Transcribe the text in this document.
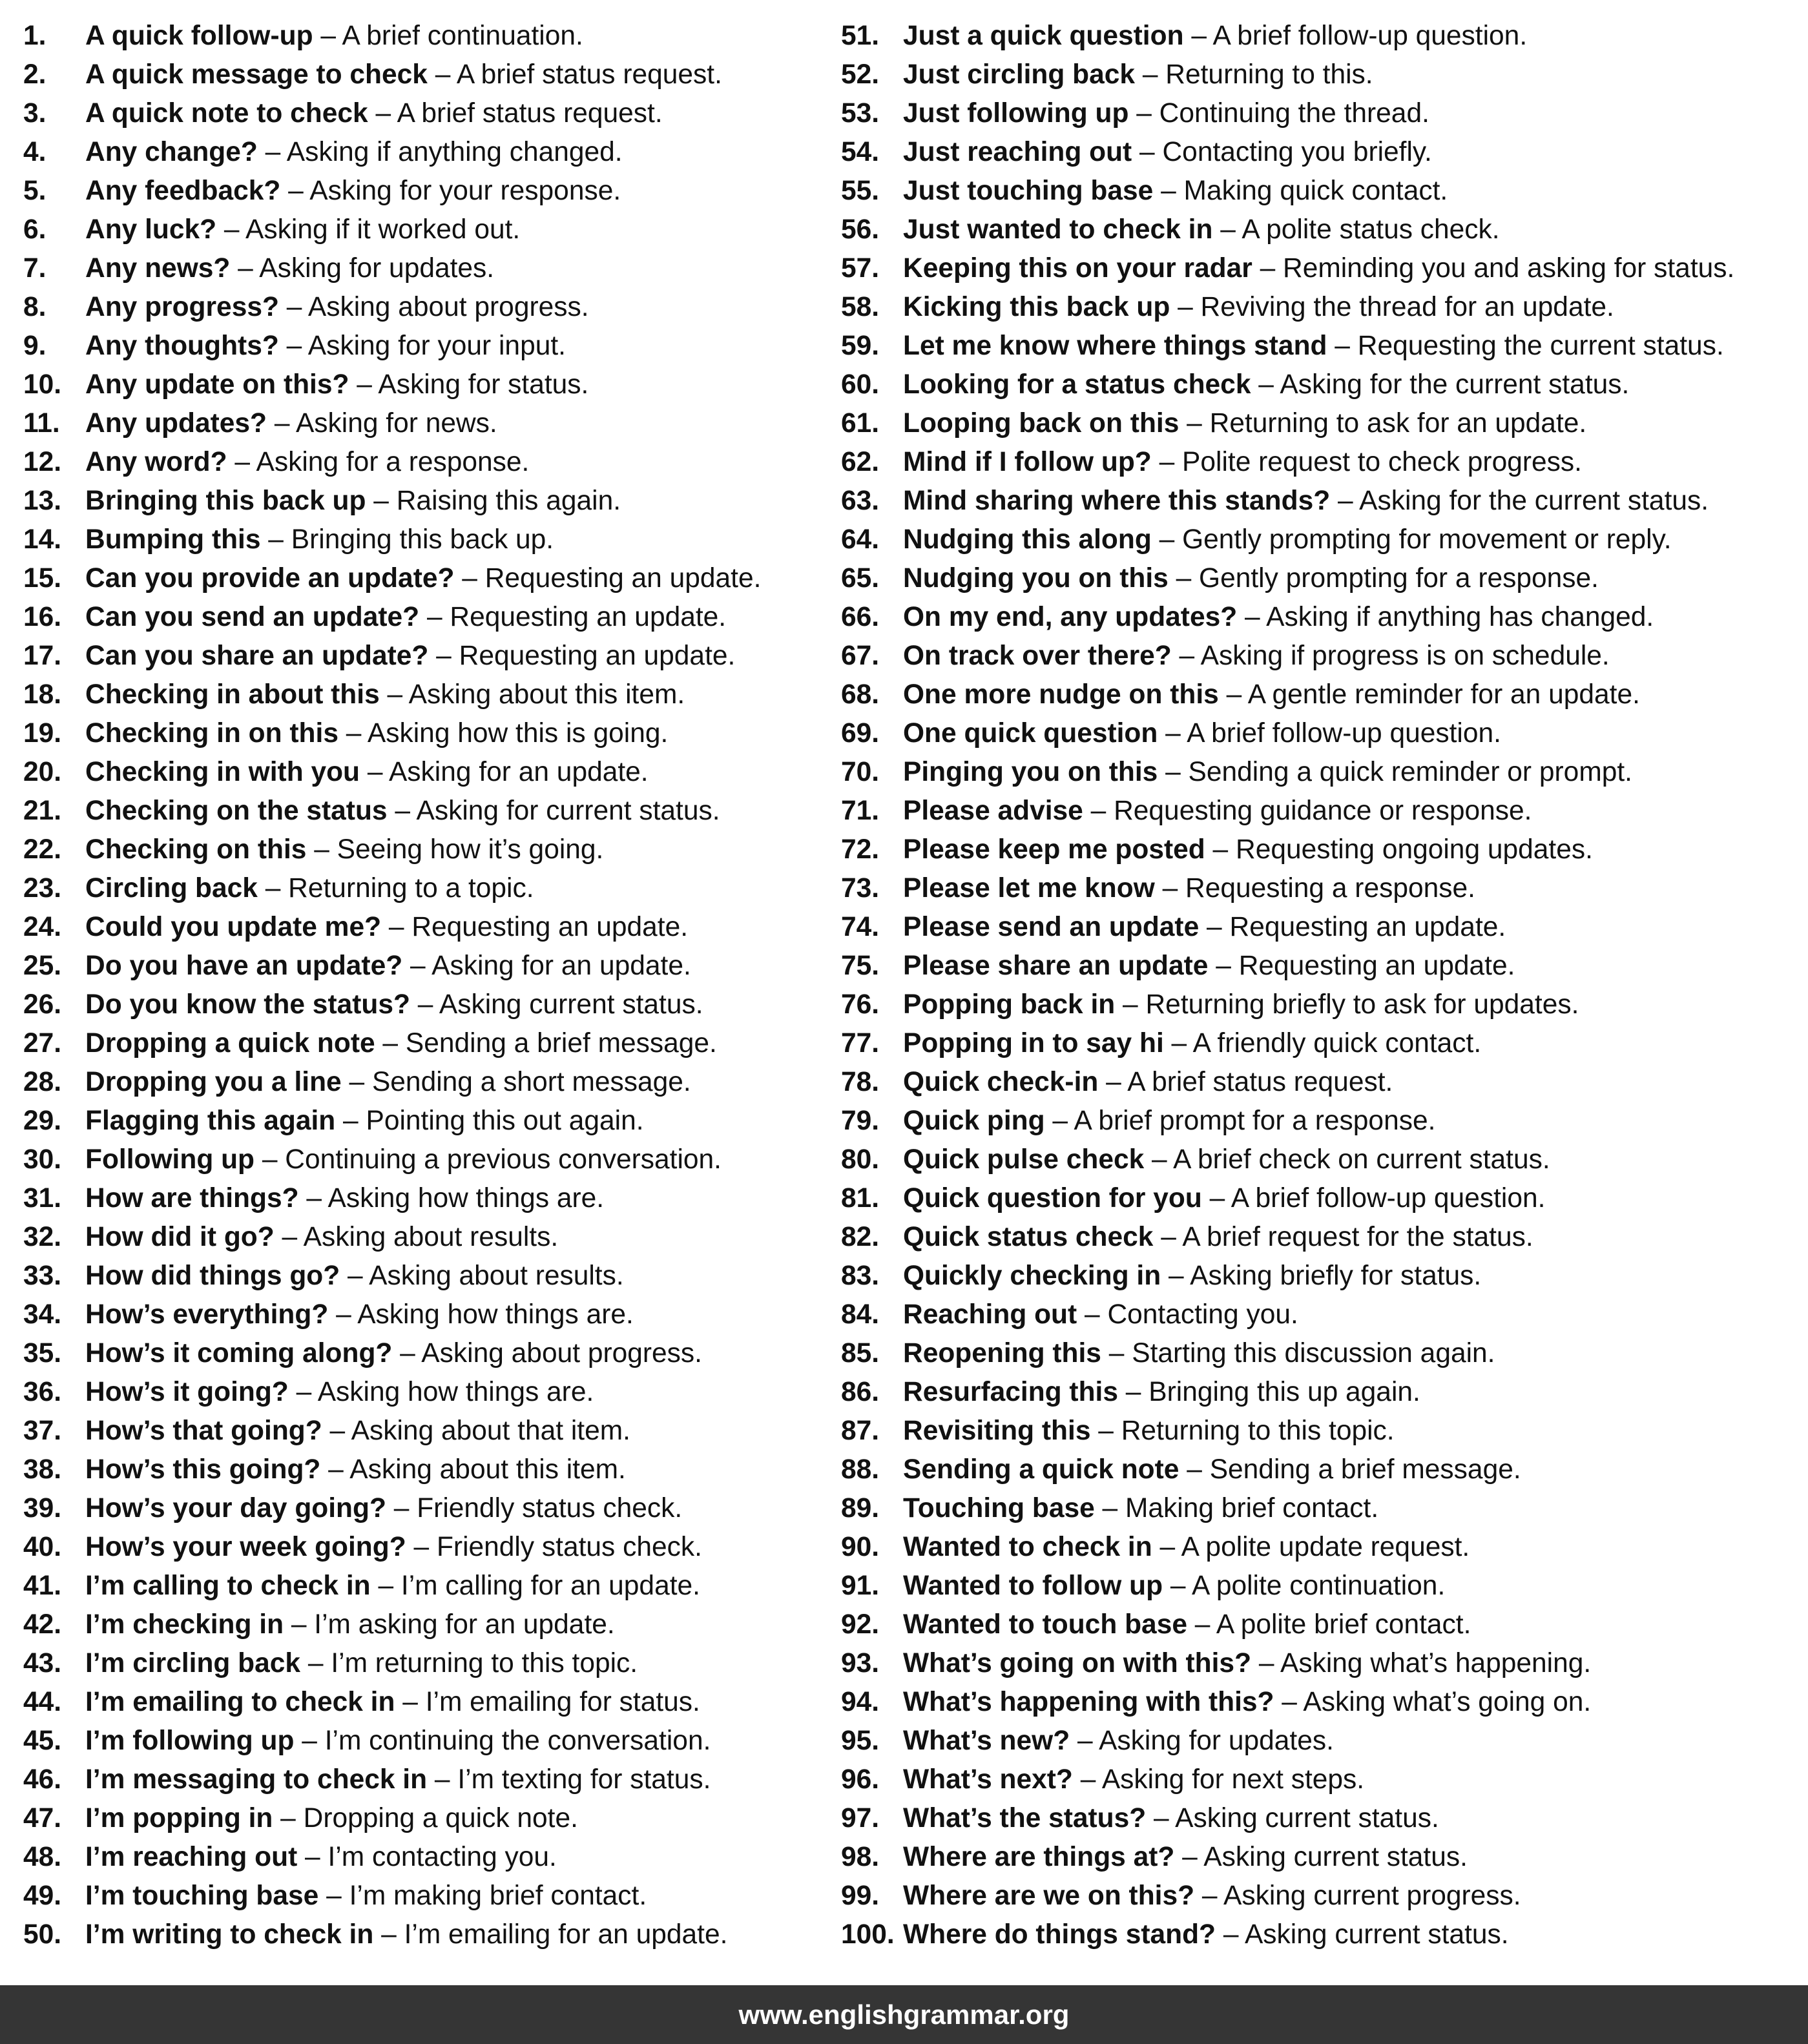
1.	A quick follow-up – A brief continuation.
2.	A quick message to check – A brief status request.
3.	A quick note to check – A brief status request.
4.	Any change? – Asking if anything changed.
5.	Any feedback? – Asking for your response.
6.	Any luck? – Asking if it worked out.
7.	Any news? – Asking for updates.
8.	Any progress? – Asking about progress.
9.	Any thoughts? – Asking for your input.
10. Any update on this? – Asking for status.
11. Any updates? – Asking for news.
12. Any word? – Asking for a response.
13. Bringing this back up – Raising this again.
14. Bumping this – Bringing this back up.
15. Can you provide an update? – Requesting an update.
16. Can you send an update? – Requesting an update.
17. Can you share an update? – Requesting an update.
18. Checking in about this – Asking about this item.
19. Checking in on this – Asking how this is going.
20. Checking in with you – Asking for an update.
21. Checking on the status – Asking for current status.
22. Checking on this – Seeing how it’s going.
23. Circling back – Returning to a topic.
24. Could you update me? – Requesting an update.
25. Do you have an update? – Asking for an update.
26. Do you know the status? – Asking current status.
27. Dropping a quick note – Sending a brief message.
28. Dropping you a line – Sending a short message.
29. Flagging this again – Pointing this out again.
30. Following up – Continuing a previous conversation.
31. How are things? – Asking how things are.
32. How did it go? – Asking about results.
33. How did things go? – Asking about results.
34. How’s everything? – Asking how things are.
35. How’s it coming along? – Asking about progress.
36. How’s it going? – Asking how things are.
37. How’s that going? – Asking about that item.
38. How’s this going? – Asking about this item.
39. How’s your day going? – Friendly status check.
40. How’s your week going? – Friendly status check.
41. I’m calling to check in – I’m calling for an update.
42. I’m checking in – I’m asking for an update.
43. I’m circling back – I’m returning to this topic.
44. I’m emailing to check in – I’m emailing for status.
45. I’m following up – I’m continuing the conversation.
46. I’m messaging to check in – I’m texting for status.
47. I’m popping in – Dropping a quick note.
48. I’m reaching out – I’m contacting you.
49. I’m touching base – I’m making brief contact.
50. I’m writing to check in – I’m emailing for an update.
51. Just a quick question – A brief follow-up question.
52. Just circling back – Returning to this.
53. Just following up – Continuing the thread.
54. Just reaching out – Contacting you briefly.
55. Just touching base – Making quick contact.
56. Just wanted to check in – A polite status check.
57. Keeping this on your radar – Reminding you and asking for status.
58. Kicking this back up – Reviving the thread for an update.
59. Let me know where things stand – Requesting the current status.
60. Looking for a status check – Asking for the current status.
61. Looping back on this – Returning to ask for an update.
62. Mind if I follow up? – Polite request to check progress.
63. Mind sharing where this stands? – Asking for the current status.
64. Nudging this along – Gently prompting for movement or reply.
65. Nudging you on this – Gently prompting for a response.
66. On my end, any updates? – Asking if anything has changed.
67. On track over there? – Asking if progress is on schedule.
68. One more nudge on this – A gentle reminder for an update.
69. One quick question – A brief follow-up question.
70. Pinging you on this – Sending a quick reminder or prompt.
71. Please advise – Requesting guidance or response.
72. Please keep me posted – Requesting ongoing updates.
73. Please let me know – Requesting a response.
74. Please send an update – Requesting an update.
75. Please share an update – Requesting an update.
76. Popping back in – Returning briefly to ask for updates.
77. Popping in to say hi – A friendly quick contact.
78. Quick check-in – A brief status request.
79. Quick ping – A brief prompt for a response.
80. Quick pulse check – A brief check on current status.
81. Quick question for you – A brief follow-up question.
82. Quick status check – A brief request for the status.
83. Quickly checking in – Asking briefly for status.
84. Reaching out – Contacting you.
85. Reopening this – Starting this discussion again.
86. Resurfacing this – Bringing this up again.
87. Revisiting this – Returning to this topic.
88. Sending a quick note – Sending a brief message.
89. Touching base – Making brief contact.
90. Wanted to check in – A polite update request.
91. Wanted to follow up – A polite continuation.
92. Wanted to touch base – A polite brief contact.
93. What’s going on with this? – Asking what’s happening.
94. What’s happening with this? – Asking what’s going on.
95. What’s new? – Asking for updates.
96. What’s next? – Asking for next steps.
97. What’s the status? – Asking current status.
98. Where are things at? – Asking current status.
99. Where are we on this? – Asking current progress.
100. Where do things stand? – Asking current status.
www.englishgrammar.org
